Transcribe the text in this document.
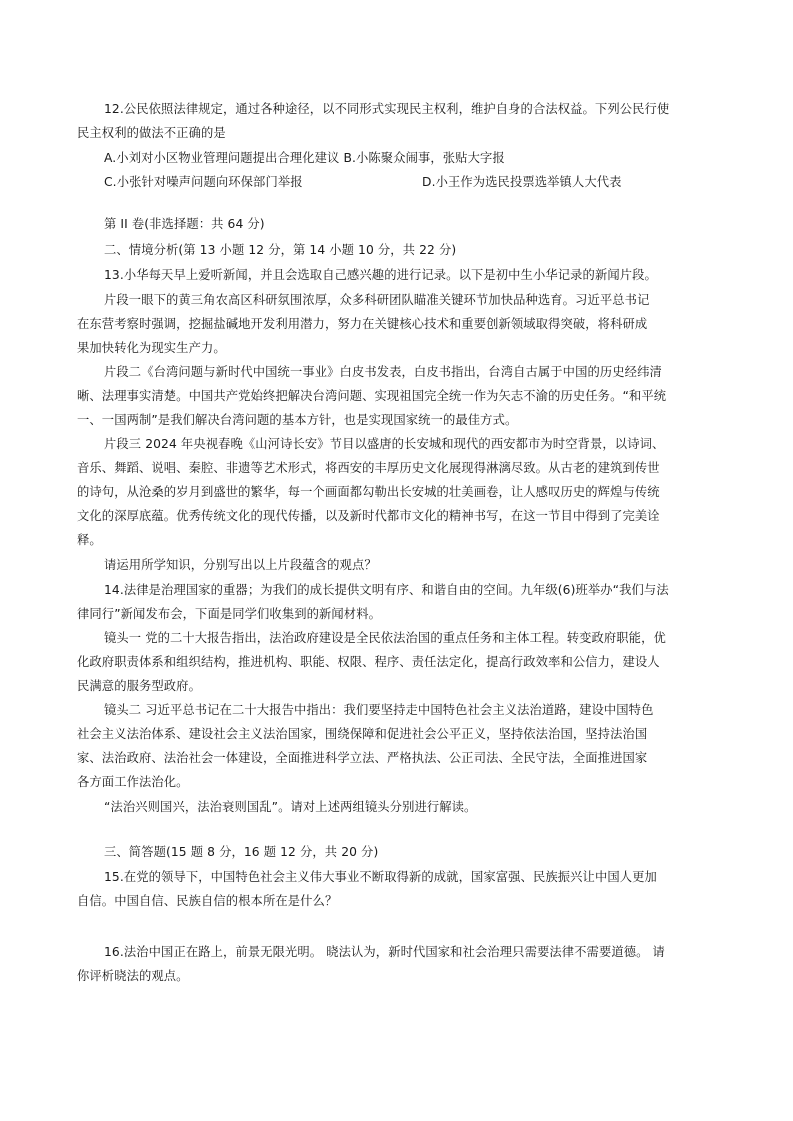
12.公民依照法律规定，通过各种途径，以不同形式实现民主权利，维护自身的合法权益。下列公民行使
民主权利的做法不正确的是
A.小刘对小区物业管理问题提出合理化建议 B.小陈聚众闹事，张贴大字报
C.小张针对噪声问题向环保部门举报	D.小王作为选民投票选举镇人大代表
第 II 卷(非选择题：共 64 分)
二、情境分析(第 13 小题 12 分，第 14 小题 10 分，共 22 分)
13.小华每天早上爱听新闻，并且会选取自己感兴趣的进行记录。以下是初中生小华记录的新闻片段。
片段一眼下的黄三角农高区科研氛围浓厚，众多科研团队瞄准关键环节加快品种选育。习近平总书记
在东营考察时强调，挖掘盐碱地开发利用潜力，努力在关键核心技术和重要创新领域取得突破，将科研成
果加快转化为现实生产力。
片段二《台湾问题与新时代中国统一事业》白皮书发表，白皮书指出，台湾自古属于中国的历史经纬清
晰、法理事实清楚。中国共产党始终把解决台湾问题、实现祖国完全统一作为矢志不渝的历史任务。“和平统
一、一国两制”是我们解决台湾问题的基本方针，也是实现国家统一的最佳方式。
片段三 2024 年央视春晚《山河诗长安》节目以盛唐的长安城和现代的西安都市为时空背景，以诗词、
音乐、舞蹈、说唱、秦腔、非遗等艺术形式，将西安的丰厚历史文化展现得淋漓尽致。从古老的建筑到传世
的诗句，从沧桑的岁月到盛世的繁华，每一个画面都勾勒出长安城的壮美画卷，让人感叹历史的辉煌与传统
文化的深厚底蕴。优秀传统文化的现代传播，以及新时代都市文化的精神书写，在这一节目中得到了完美诠
释。
请运用所学知识，分别写出以上片段蕴含的观点？
14.法律是治理国家的重器；为我们的成长提供文明有序、和谐自由的空间。九年级(6)班举办“我们与法
律同行”新闻发布会，下面是同学们收集到的新闻材料。
镜头一 党的二十大报告指出，法治政府建设是全民依法治国的重点任务和主体工程。转变政府职能，优
化政府职责体系和组织结构，推进机构、职能、权限、程序、责任法定化，提高行政效率和公信力，建设人
民满意的服务型政府。
镜头二 习近平总书记在二十大报告中指出：我们要坚持走中国特色社会主义法治道路，建设中国特色
社会主义法治体系、建设社会主义法治国家，围绕保障和促进社会公平正义，坚持依法治国，坚持法治国
家、法治政府、法治社会一体建设，全面推进科学立法、严格执法、公正司法、全民守法，全面推进国家
各方面工作法治化。
“法治兴则国兴，法治衰则国乱”。请对上述两组镜头分别进行解读。
三、简答题(15 题 8 分，16 题 12 分，共 20 分)
15.在党的领导下，中国特色社会主义伟大事业不断取得新的成就，国家富强、民族振兴让中国人更加
自信。中国自信、民族自信的根本所在是什么？
16.法治中国正在路上，前景无限光明。 晓法认为，新时代国家和社会治理只需要法律不需要道德。 请
你评析晓法的观点。
